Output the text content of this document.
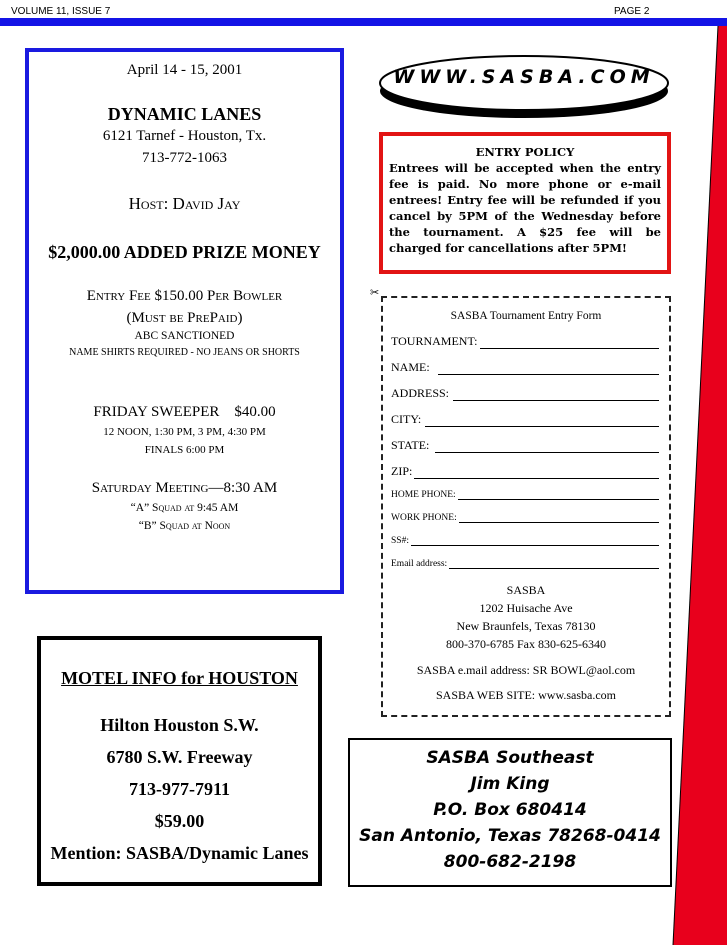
VOLUME 11, ISSUE 7	PAGE 2
April 14 - 15, 2001
DYNAMIC LANES
6121 Tarnef - Houston, Tx.
713-772-1063
Host: David Jay
$2,000.00 ADDED PRIZE MONEY
Entry Fee $150.00 Per Bowler
(Must be PrePaid)
ABC SANCTIONED
NAME SHIRTS REQUIRED - NO JEANS OR SHORTS
FRIDAY SWEEPER $40.00
12 NOON, 1:30 PM, 3 PM, 4:30 PM
FINALS 6:00 PM
Saturday Meeting—8:30 AM
“A” Squad at 9:45 AM
“B” Squad at Noon
WWW.SASBA.COM
ENTRY POLICY
Entrees will be accepted when the entry fee is paid. No more phone or e-mail entrees! Entry fee will be refunded if you cancel by 5PM of the Wednesday before the tournament. A $25 fee will be charged for cancellations after 5PM!
✂
SASBA Tournament Entry Form
TOURNAMENT:
NAME:
ADDRESS:
CITY:
STATE:
ZIP:
HOME PHONE:
WORK PHONE:
SS#:
Email address:
SASBA
1202 Huisache Ave
New Braunfels, Texas 78130
800-370-6785 Fax 830-625-6340
SASBA e.mail address: SR BOWL@aol.com
SASBA WEB SITE: www.sasba.com
MOTEL INFO for HOUSTON
Hilton Houston S.W.
6780 S.W. Freeway
713-977-7911
$59.00
Mention: SASBA/Dynamic Lanes
SASBA Southeast
Jim King
P.O. Box 680414
San Antonio, Texas 78268-0414
800-682-2198
